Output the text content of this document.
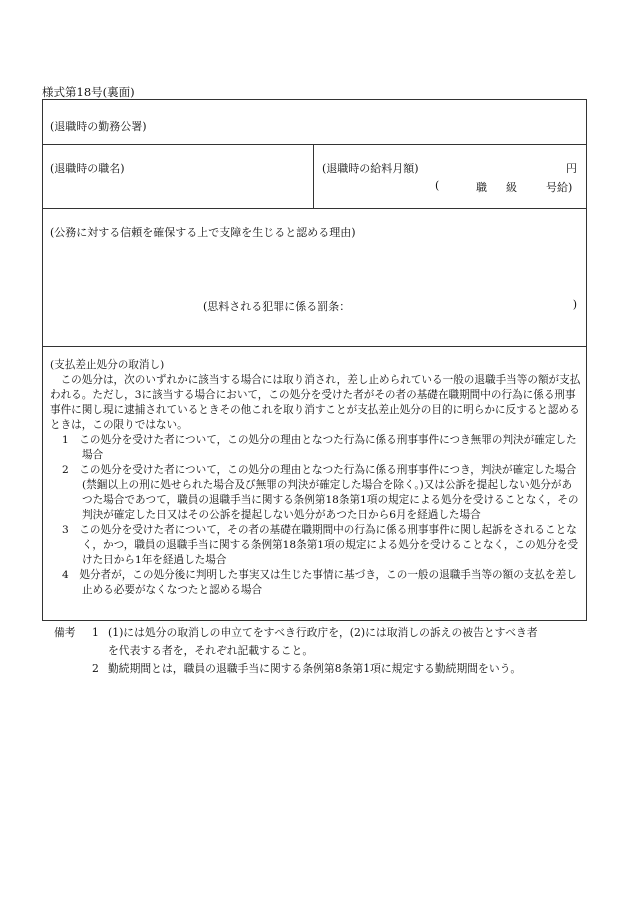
様式第18号(裏面)
(退職時の勤務公署)
(退職時の職名)	(退職時の給料月額)	円
(	職 級	号給)
(公務に対する信頼を確保する上で支障を生じると認める理由)
(思料される犯罪に係る罰条：	)

(支払差止処分の取消し)

この処分は，次のいずれかに該当する場合には取り消され，差し止められている一般の退職手当等の額が支払われる。ただし，3に該当する場合において，この処分を受けた者がその者の基礎在職期間中の行為に係る刑事事件に関し現に逮捕されているときその他これを取り消すことが支払差止処分の目的に明らかに反すると認めるときは，この限りではない。

1　この処分を受けた者について，この処分の理由となつた行為に係る刑事事件につき無罪の判決が確定した場合

2　この処分を受けた者について，この処分の理由となつた行為に係る刑事事件につき，判決が確定した場合(禁錮以上の刑に処せられた場合及び無罪の判決が確定した場合を除く。)又は公訴を提起しない処分があつた場合であつて，職員の退職手当に関する条例第18条第1項の規定による処分を受けることなく，その判決が確定した日又はその公訴を提起しない処分があつた日から6月を経過した場合

3　この処分を受けた者について，その者の基礎在職期間中の行為に係る刑事事件に関し起訴をされることなく，かつ，職員の退職手当に関する条例第18条第1項の規定による処分を受けることなく，この処分を受けた日から1年を経過した場合

4　処分者が，この処分後に判明した事実又は生じた事情に基づき，この一般の退職手当等の額の支払を差し止める必要がなくなつたと認める場合

備考 1 (1)には処分の取消しの申立てをすべき行政庁を，(2)には取消しの訴えの被告とすべき者
を代表する者を，それぞれ記載すること。
2 勤続期間とは，職員の退職手当に関する条例第8条第1項に規定する勤続期間をいう。
